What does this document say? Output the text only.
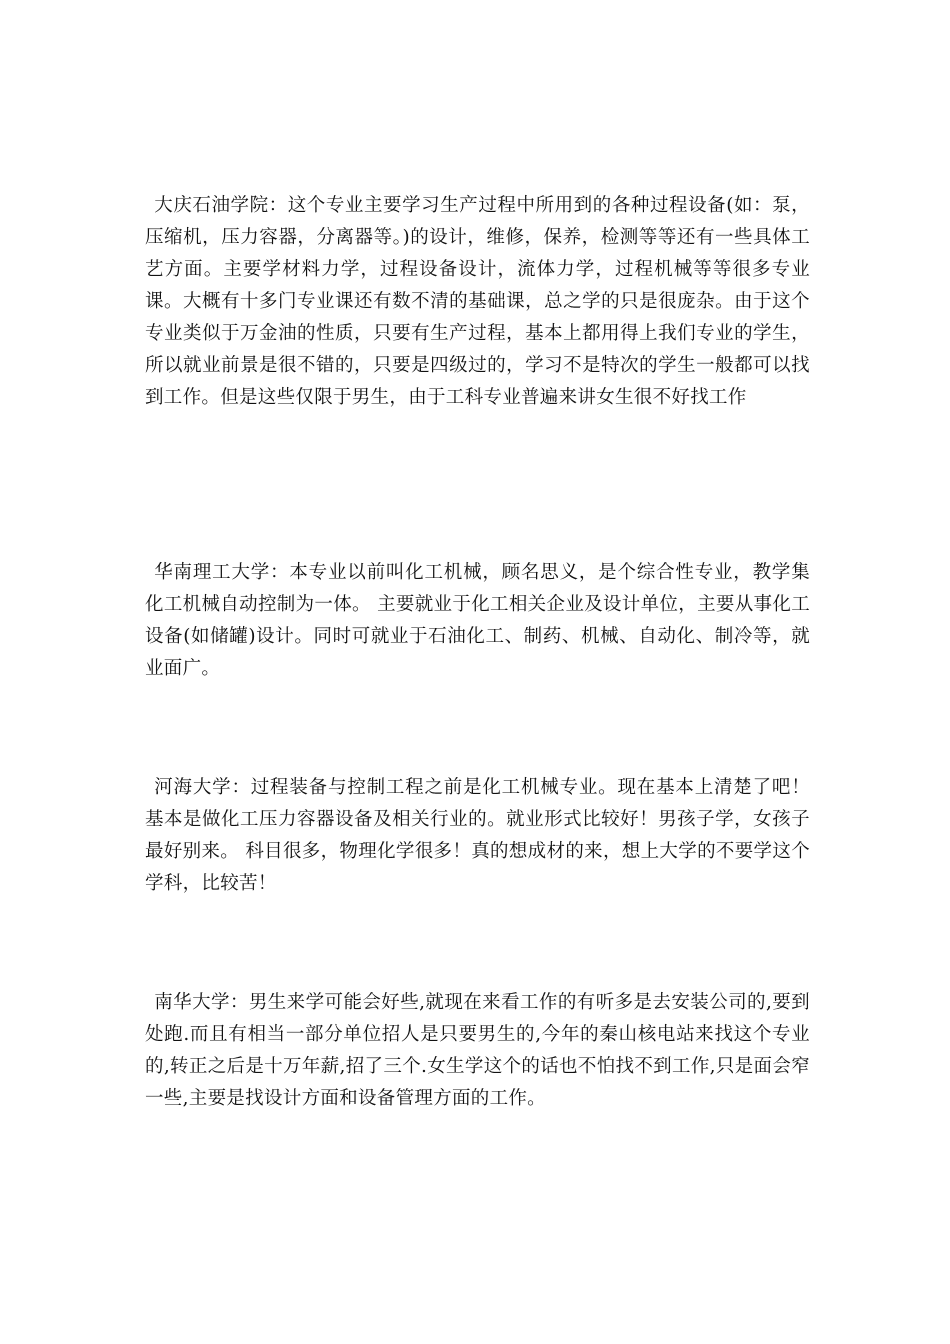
大庆石油学院：这个专业主要学习生产过程中所用到的各种过程设备(如：泵，压缩机，压力容器，分离器等。)的设计，维修，保养，检测等等还有一些具体工艺方面。主要学材料力学，过程设备设计，流体力学，过程机械等等很多专业课。大概有十多门专业课还有数不清的基础课，总之学的只是很庞杂。由于这个专业类似于万金油的性质，只要有生产过程，基本上都用得上我们专业的学生，所以就业前景是很不错的，只要是四级过的，学习不是特次的学生一般都可以找到工作。但是这些仅限于男生，由于工科专业普遍来讲女生很不好找工作

华南理工大学：本专业以前叫化工机械，顾名思义，是个综合性专业，教学集化工机械自动控制为一体。 主要就业于化工相关企业及设计单位，主要从事化工设备(如储罐)设计。同时可就业于石油化工、制药、机械、自动化、制冷等，就业面广。

河海大学：过程装备与控制工程之前是化工机械专业。现在基本上清楚了吧！基本是做化工压力容器设备及相关行业的。就业形式比较好！男孩子学，女孩子最好别来。 科目很多，物理化学很多！真的想成材的来，想上大学的不要学这个学科，比较苦！

南华大学：男生来学可能会好些,就现在来看工作的有听多是去安装公司的,要到处跑.而且有相当一部分单位招人是只要男生的,今年的秦山核电站来找这个专业的,转正之后是十万年薪,招了三个.女生学这个的话也不怕找不到工作,只是面会窄一些,主要是找设计方面和设备管理方面的工作。
